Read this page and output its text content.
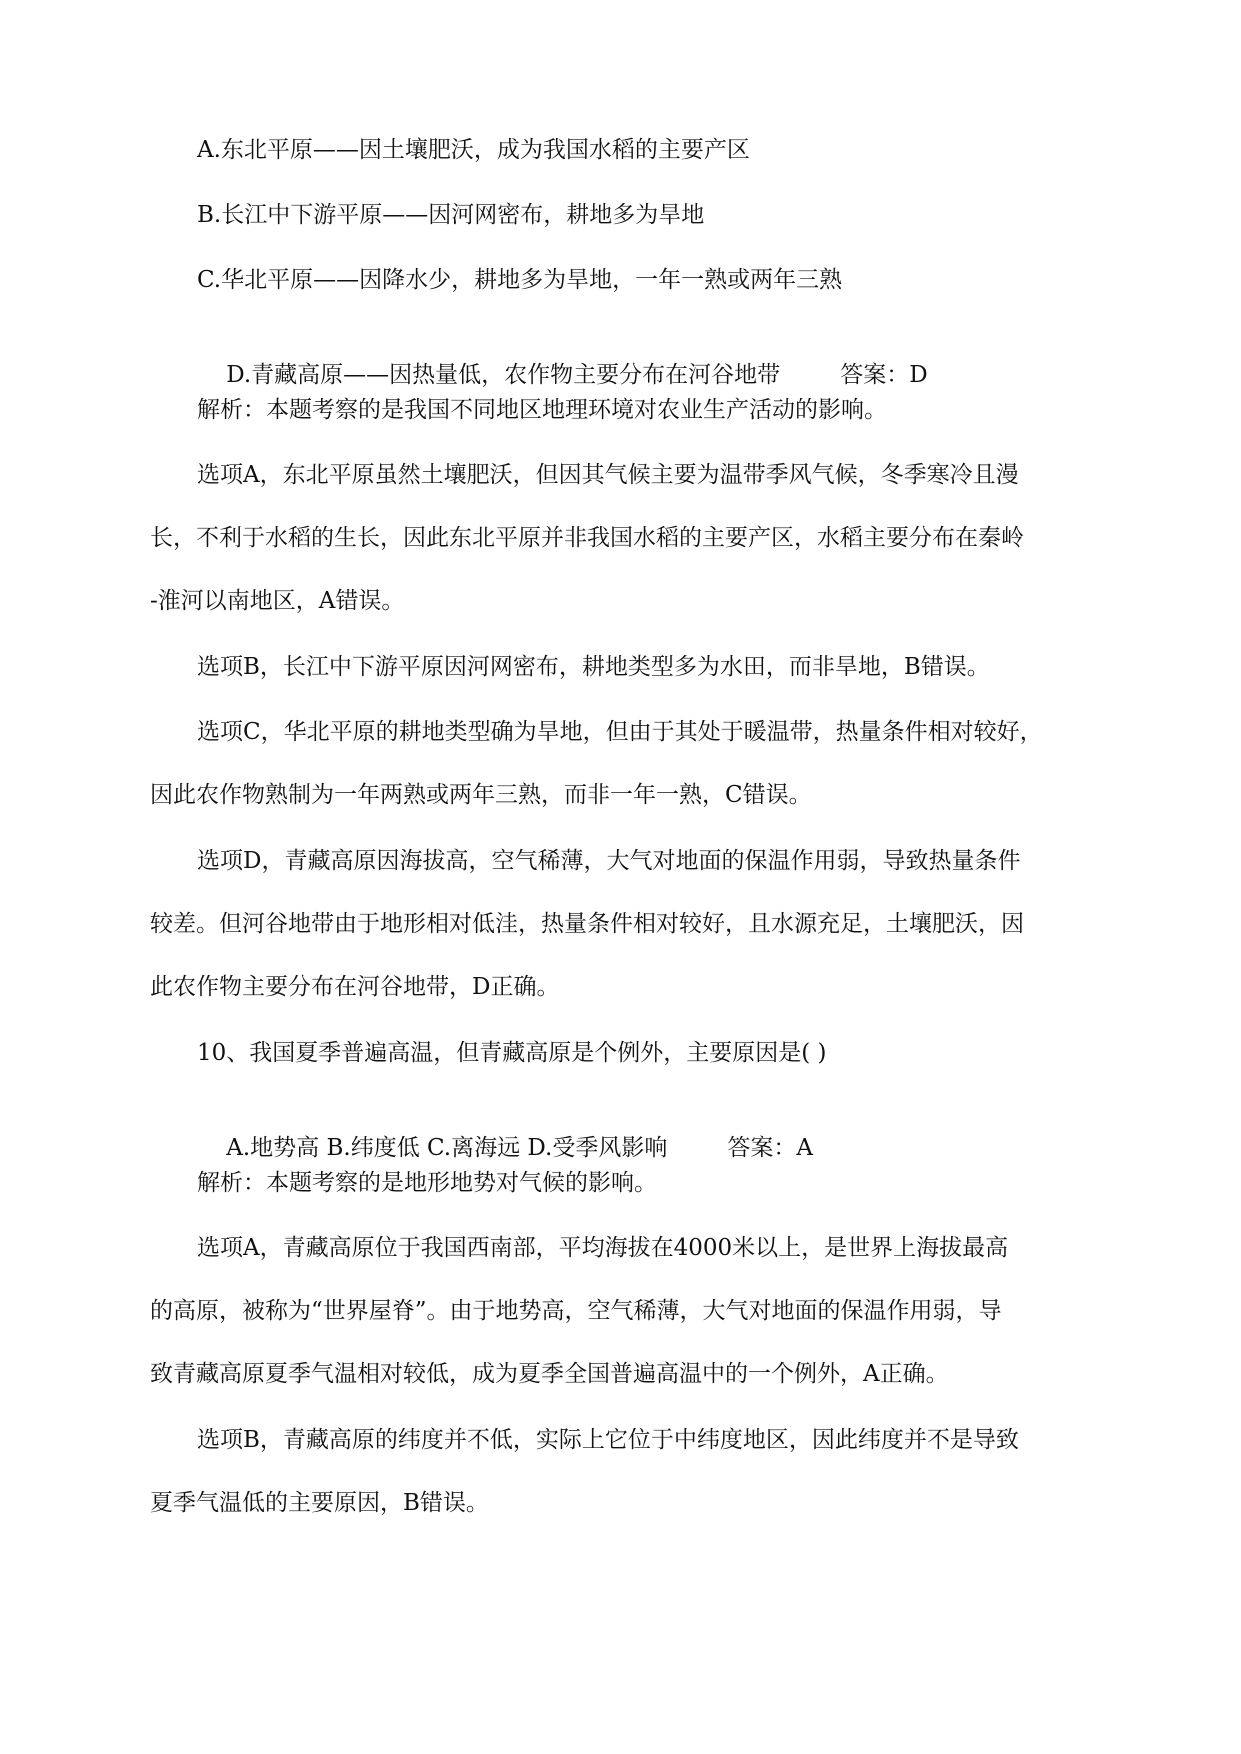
A.东北平原——因土壤肥沃，成为我国水稻的主要产区
B.长江中下游平原——因河网密布，耕地多为旱地
C.华北平原——因降水少，耕地多为旱地，一年一熟或两年三熟

D.青藏高原——因热量低，农作物主要分布在河谷地带	答案：D

解析：本题考察的是我国不同地区地理环境对农业生产活动的影响。
选项A，东北平原虽然土壤肥沃，但因其气候主要为温带季风气候，冬季寒冷且漫
长，不利于水稻的生长，因此东北平原并非我国水稻的主要产区，水稻主要分布在秦岭
-淮河以南地区，A错误。
选项B，长江中下游平原因河网密布，耕地类型多为水田，而非旱地，B错误。
选项C，华北平原的耕地类型确为旱地，但由于其处于暖温带，热量条件相对较好，
因此农作物熟制为一年两熟或两年三熟，而非一年一熟，C错误。
选项D，青藏高原因海拔高，空气稀薄，大气对地面的保温作用弱，导致热量条件
较差。但河谷地带由于地形相对低洼，热量条件相对较好，且水源充足，土壤肥沃，因
此农作物主要分布在河谷地带，D正确。
10、我国夏季普遍高温，但青藏高原是个例外，主要原因是( )

A.地势高 B.纬度低 C.离海远 D.受季风影响	答案：A

解析：本题考察的是地形地势对气候的影响。
选项A，青藏高原位于我国西南部，平均海拔在4000米以上，是世界上海拔最高
的高原，被称为“世界屋脊”。由于地势高，空气稀薄，大气对地面的保温作用弱，导
致青藏高原夏季气温相对较低，成为夏季全国普遍高温中的一个例外，A正确。
选项B，青藏高原的纬度并不低，实际上它位于中纬度地区，因此纬度并不是导致
夏季气温低的主要原因，B错误。
